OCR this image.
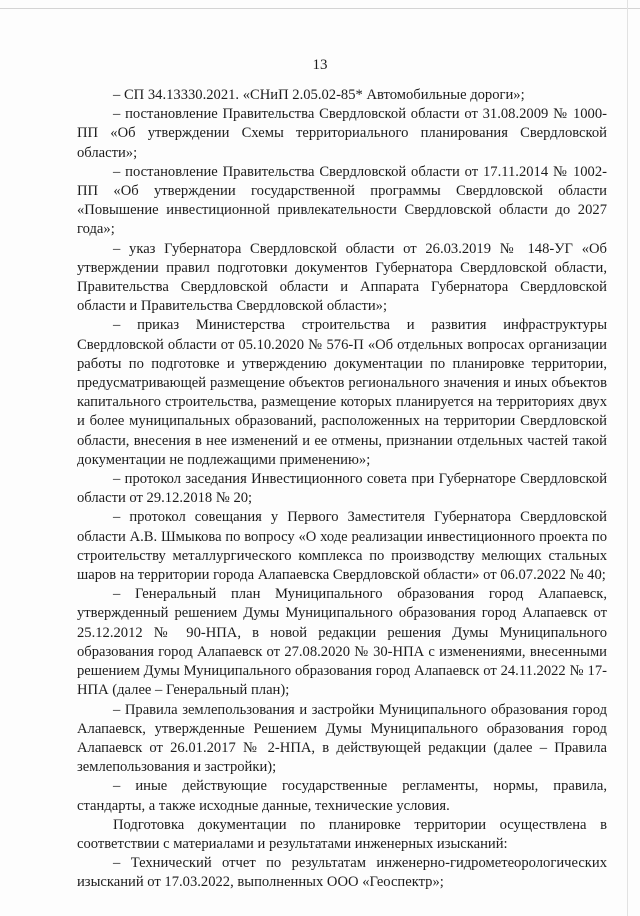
13

– СП 34.13330.2021. «СНиП 2.05.02-85* Автомобильные дороги»;

– постановление Правительства Свердловской области от 31.08.2009 № 1000-ПП «Об утверждении Схемы территориального планирования Свердловской области»;

– постановление Правительства Свердловской области от 17.11.2014 № 1002-ПП «Об утверждении государственной программы Свердловской области «Повышение инвестиционной привлекательности Свердловской области до 2027 года»;

– указ Губернатора Свердловской области от 26.03.2019 № 148-УГ «Об утверждении правил подготовки документов Губернатора Свердловской области, Правительства Свердловской области и Аппарата Губернатора Свердловской области и Правительства Свердловской области»;

– приказ Министерства строительства и развития инфраструктуры Свердловской области от 05.10.2020 № 576-П «Об отдельных вопросах организации работы по подготовке и утверждению документации по планировке территории, предусматривающей размещение объектов регионального значения и иных объектов капитального строительства, размещение которых планируется на территориях двух и более муниципальных образований, расположенных на территории Свердловской области, внесения в нее изменений и ее отмены, признании отдельных частей такой документации не подлежащими применению»;

– протокол заседания Инвестиционного совета при Губернаторе Свердловской области от 29.12.2018 № 20;

– протокол совещания у Первого Заместителя Губернатора Свердловской области А.В. Шмыкова по вопросу «О ходе реализации инвестиционного проекта по строительству металлургического комплекса по производству мелющих стальных шаров на территории города Алапаевска Свердловской области» от 06.07.2022 № 40;

– Генеральный план Муниципального образования город Алапаевск, утвержденный решением Думы Муниципального образования город Алапаевск от 25.12.2012 № 90-НПА, в новой редакции решения Думы Муниципального образования город Алапаевск от 27.08.2020 № 30-НПА с изменениями, внесенными решением Думы Муниципального образования город Алапаевск от 24.11.2022 № 17-НПА (далее – Генеральный план);

– Правила землепользования и застройки Муниципального образования город Алапаевск, утвержденные Решением Думы Муниципального образования город Алапаевск от 26.01.2017 № 2-НПА, в действующей редакции (далее – Правила землепользования и застройки);

– иные действующие государственные регламенты, нормы, правила, стандарты, а также исходные данные, технические условия.

Подготовка документации по планировке территории осуществлена в соответствии с материалами и результатами инженерных изысканий:

– Технический отчет по результатам инженерно-гидрометеорологических изысканий от 17.03.2022, выполненных ООО «Геоспектр»;
